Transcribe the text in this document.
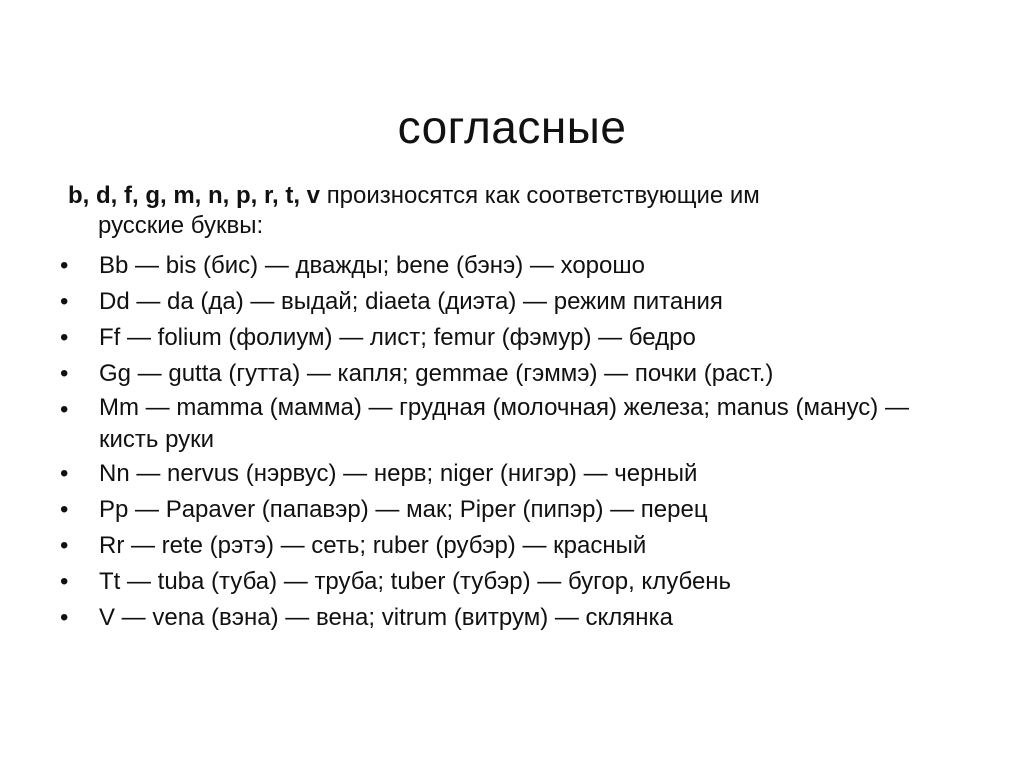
согласные
b, d, f, g, m, n, p, r, t, v произносятся как соответствующие им
русские буквы:
•	Bb — bis (бис) — дважды; bene (бэнэ) — хорошо
•	Dd — da (да) — выдай; diaeta (диэта) — режим питания
•	Ff — folium (фолиум) — лист; femur (фэмур) — бедро
•	Gg — gutta (гутта) — капля; gemmae (гэммэ) — почки (раст.)
•	Mm — mamma (мамма) — грудная (молочная) железа; manus (манус) — кисть руки
•	Nn — nervus (нэрвус) — нерв; niger (нигэр) — черный
•	Pp — Papaver (папавэр) — мак; Piper (пипэр) — перец
•	Rr — rete (рэтэ) — сеть; ruber (рубэр) — красный
•	Tt — tuba (туба) — труба; tuber (тубэр) — бугор, клубень
•	V — vena (вэна) — вена; vitrum (витрум) — склянка
